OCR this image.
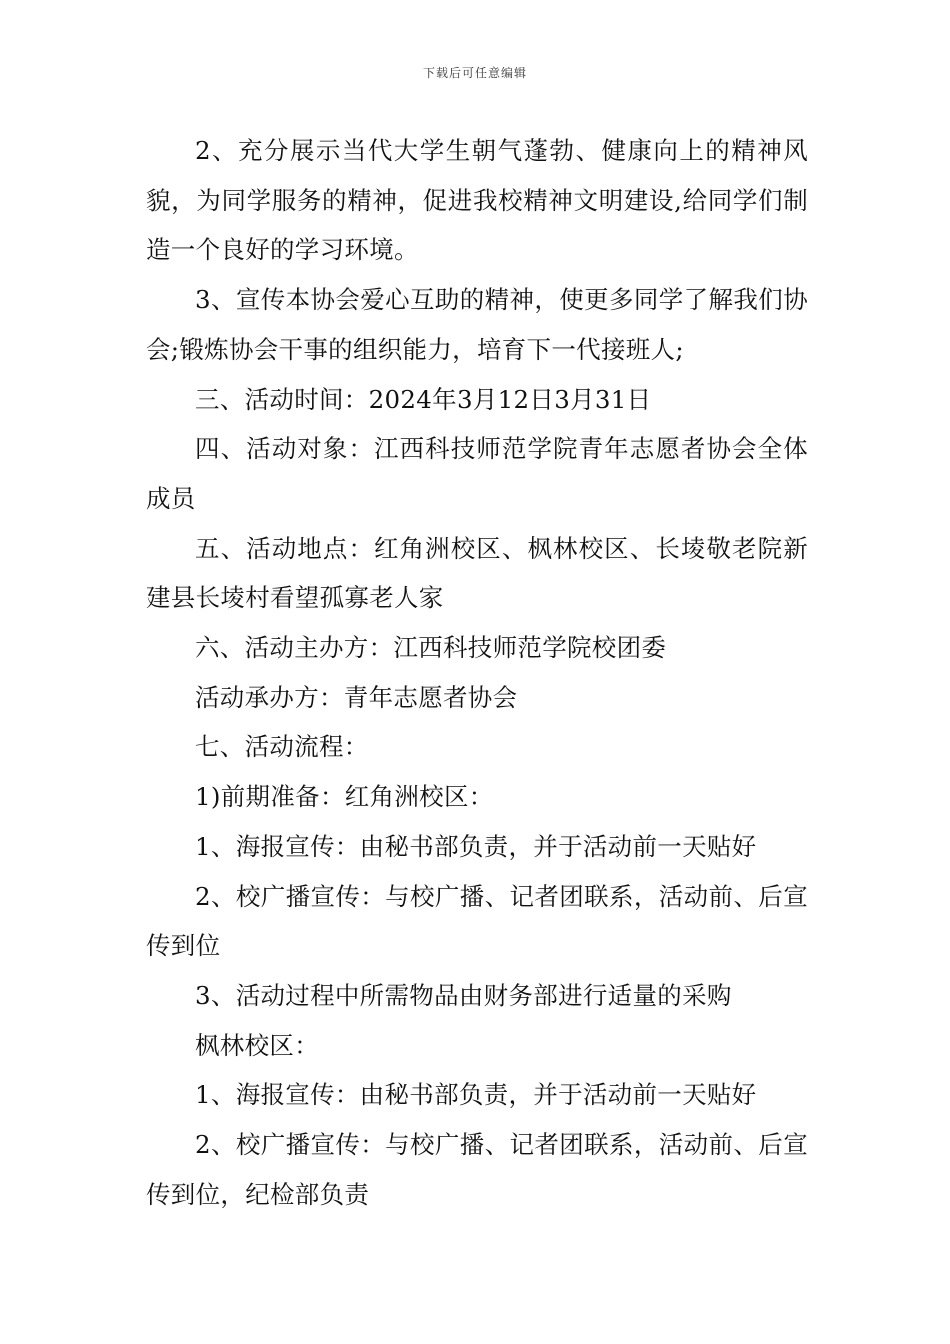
下载后可任意编辑

2、充分展示当代大学生朝气蓬勃、健康向上的精神风貌，为同学服务的精神，促进我校精神文明建设,给同学们制造一个良好的学习环境。

3、宣传本协会爱心互助的精神，使更多同学了解我们协会;锻炼协会干事的组织能力，培育下一代接班人;

三、活动时间：2024年3月12日3月31日

四、活动对象：江西科技师范学院青年志愿者协会全体成员

五、活动地点：红角洲校区、枫林校区、长堎敬老院新建县长堎村看望孤寡老人家

六、活动主办方：江西科技师范学院校团委

活动承办方：青年志愿者协会

七、活动流程：

1)前期准备：红角洲校区：

1、海报宣传：由秘书部负责，并于活动前一天贴好

2、校广播宣传：与校广播、记者团联系，活动前、后宣传到位

3、活动过程中所需物品由财务部进行适量的采购

枫林校区：

1、海报宣传：由秘书部负责，并于活动前一天贴好

2、校广播宣传：与校广播、记者团联系，活动前、后宣传到位，纪检部负责
